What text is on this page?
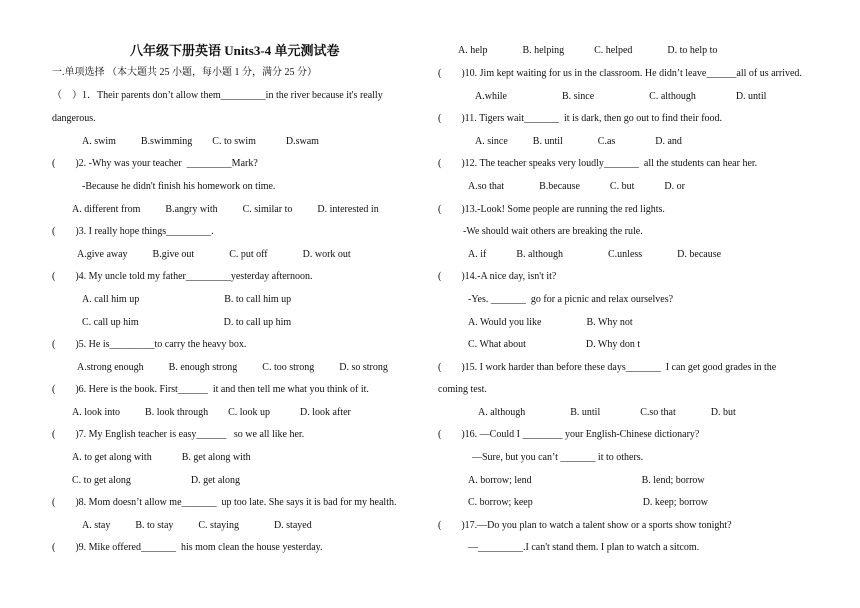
八年级下册英语 Units3-4 单元测试卷
一.单项选择 （本大题共 25 小题，每小题 1 分，满分 25 分）
（    ）1．Their parents don’t allow them_________in the river because it's really
dangerous.
A. swim          B.swimming        C. to swim            D.swam
(        )2. -Why was your teacher  _________Mark?
-Because he didn't finish his homework on time.
A. different from          B.angry with          C. similar to          D. interested in
(        )3. I really hope things_________.
A.give away          B.give out              C. put off              D. work out
(        )4. My uncle told my father_________yesterday afternoon.
A. call him up                                  B. to call him up
C. call up him                                  D. to call up him
(        )5. He is_________to carry the heavy box.
A.strong enough          B. enough strong          C. too strong          D. so strong
(        )6. Here is the book. First______  it and then tell me what you think of it.
A. look into          B. look through        C. look up            D. look after
(        )7. My English teacher is easy______   so we all like her.
A. to get along with            B. get along with
C. to get along                        D. get along
(        )8. Mom doesn’t allow me_______  up too late. She says it is bad for my health.
A. stay          B. to stay          C. staying              D. stayed
(        )9. Mike offered_______  his mom clean the house yesterday.
A. help              B. helping            C. helped              D. to help to
(        )10. Jim kept waiting for us in the classroom. He didn’t leave______all of us arrived.
A.while                      B. since                      C. although                D. until
(        )11. Tigers wait_______  it is dark, then go out to find their food.
A. since          B. until              C.as                D. and
(        )12. The teacher speaks very loudly_______  all the students can hear her.
A.so that              B.because            C. but            D. or
(        )13.-Look! Some people are running the red lights.
-We should wait others are breaking the rule.
A. if            B. although                  C.unless              D. because
(        )14.-A nice day, isn't it?
-Yes. _______  go for a picnic and relax ourselves?
A. Would you like                  B. Why not
C. What about                        D. Why don t
(        )15. I work harder than before these days_______  I can get good grades in the
coming test.
A. although                  B. until                C.so that              D. but
(        )16. —Could I ________ your English-Chinese dictionary?
—Sure, but you can’t _______ it to others.
A. borrow; lend                                            B. lend; borrow
C. borrow; keep                                            D. keep; borrow
(        )17.—Do you plan to watch a talent show or a sports show tonight?
—_________.I can't stand them. I plan to watch a sitcom.
